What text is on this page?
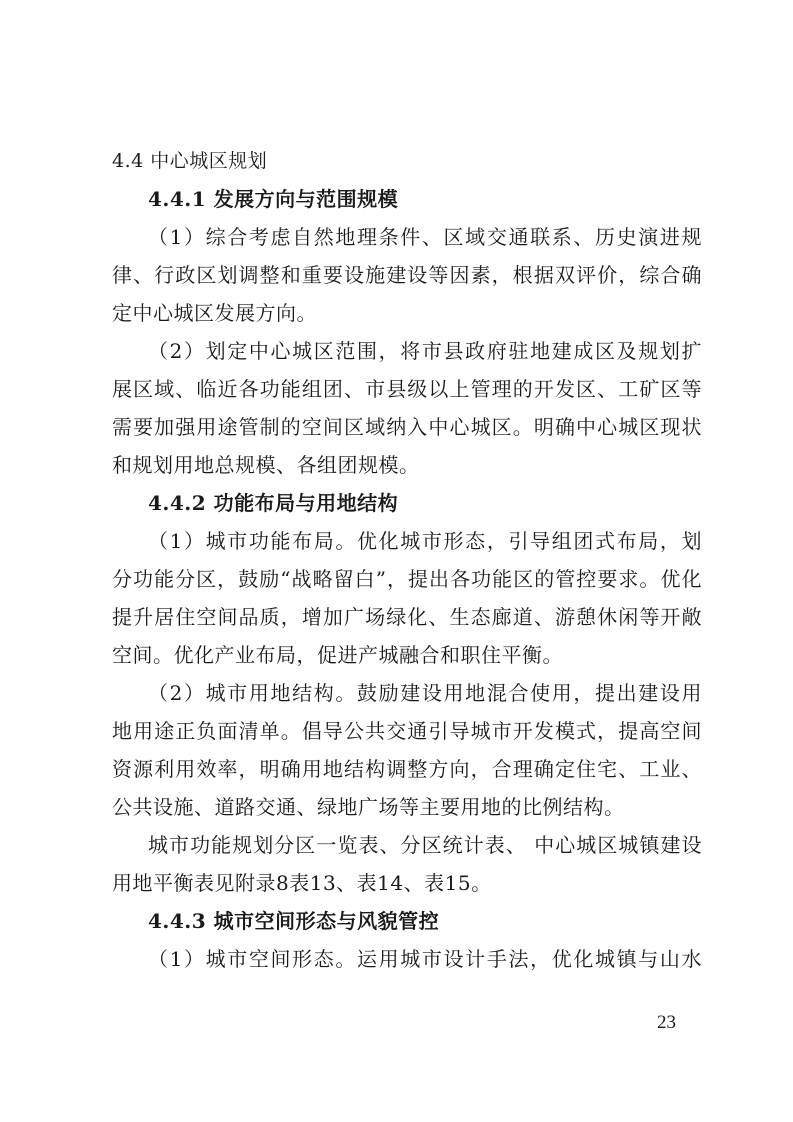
4.4 中心城区规划
4.4.1 发展方向与范围规模
（1）综合考虑自然地理条件、区域交通联系、历史演进规
律、行政区划调整和重要设施建设等因素，根据双评价，综合确
定中心城区发展方向。
（2）划定中心城区范围，将市县政府驻地建成区及规划扩
展区域、临近各功能组团、市县级以上管理的开发区、工矿区等
需要加强用途管制的空间区域纳入中心城区。明确中心城区现状
和规划用地总规模、各组团规模。
4.4.2 功能布局与用地结构
（1）城市功能布局。优化城市形态，引导组团式布局，划
分功能分区，鼓励“战略留白”，提出各功能区的管控要求。优化
提升居住空间品质，增加广场绿化、生态廊道、游憩休闲等开敞
空间。优化产业布局，促进产城融合和职住平衡。
（2）城市用地结构。鼓励建设用地混合使用，提出建设用
地用途正负面清单。倡导公共交通引导城市开发模式，提高空间
资源利用效率，明确用地结构调整方向，合理确定住宅、工业、
公共设施、道路交通、绿地广场等主要用地的比例结构。
城市功能规划分区一览表、分区统计表、 中心城区城镇建设
用地平衡表见附录8表13、表14、表15。
4.4.3 城市空间形态与风貌管控
（1）城市空间形态。运用城市设计手法，优化城镇与山水
23
